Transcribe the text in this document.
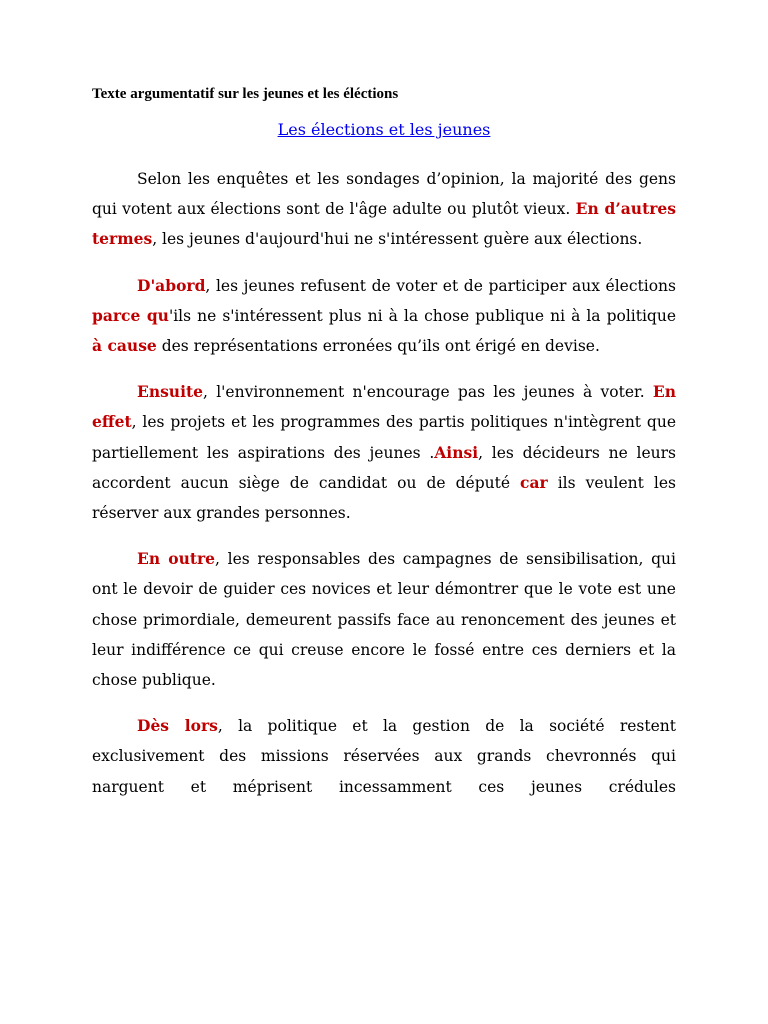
Texte argumentatif sur les jeunes et les éléctions
Les élections et les jeunes

Selon les enquêtes et les sondages d’opinion, la majorité des gens qui votent aux élections sont de l'âge adulte ou plutôt vieux. En d’autres termes, les jeunes d'aujourd'hui ne s'intéressent guère aux élections.

D'abord, les jeunes refusent de voter et de participer aux élections parce qu'ils ne s'intéressent plus ni à la chose publique ni à la politique à cause des représentations erronées qu’ils ont érigé en devise.

Ensuite, l'environnement n'encourage pas les jeunes à voter. En effet, les projets et les programmes des partis politiques n'intègrent que partiellement les aspirations des jeunes .Ainsi, les décideurs ne leurs accordent aucun siège de candidat ou de député car ils veulent les réserver aux grandes personnes.

En outre, les responsables des campagnes de sensibilisation, qui ont le devoir de guider ces novices et leur démontrer que le vote est une chose primordiale, demeurent passifs face au renoncement des jeunes et leur indifférence ce qui creuse encore le fossé entre ces derniers et la chose publique.

Dès lors, la politique et la gestion de la société restent exclusivement des missions réservées aux grands chevronnés qui narguent et méprisent incessamment ces jeunes crédules
